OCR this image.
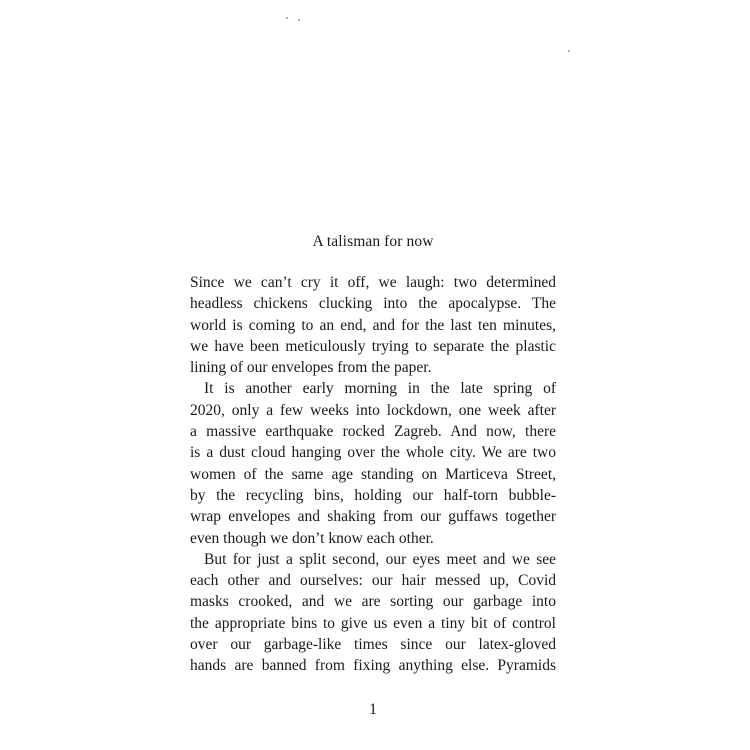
A talisman for now

Since we can’t cry it off, we laugh: two determined
headless chickens clucking into the apocalypse. The
world is coming to an end, and for the last ten minutes,
we have been meticulously trying to separate the plastic
lining of our envelopes from the paper.

It is another early morning in the late spring of
2020, only a few weeks into lockdown, one week after
a massive earthquake rocked Zagreb. And now, there
is a dust cloud hanging over the whole city. We are two
women of the same age standing on Marticeva Street,
by the recycling bins, holding our half-torn bubble-
wrap envelopes and shaking from our guffaws together
even though we don’t know each other.

But for just a split second, our eyes meet and we see
each other and ourselves: our hair messed up, Covid
masks crooked, and we are sorting our garbage into
the appropriate bins to give us even a tiny bit of control
over our garbage-like times since our latex-gloved
hands are banned from fixing anything else. Pyramids

1
